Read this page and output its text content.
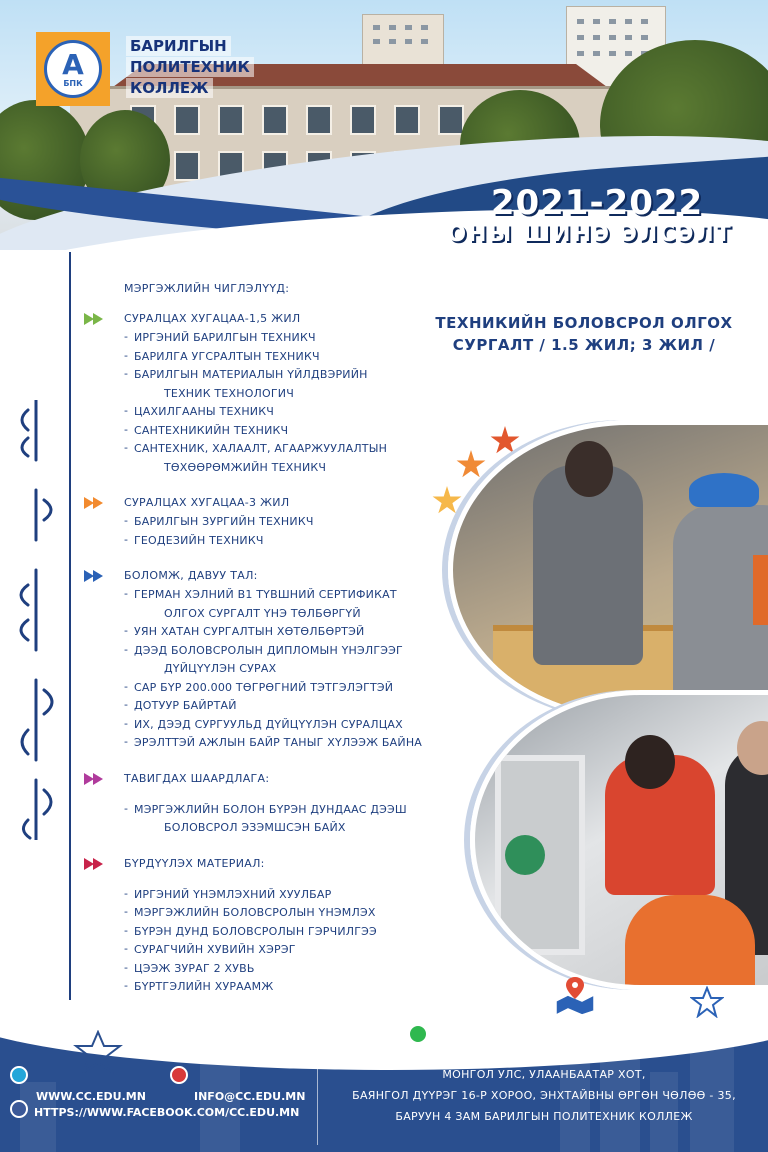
A
БПК
БАРИЛГЫН
ПОЛИТЕХНИК
КОЛЛЕЖ
2021-2022
ОНЫ ШИНЭ ЭЛСЭЛТ
МЭРГЭЖЛИЙН ЧИГЛЭЛҮҮД:
СУРАЛЦАХ ХУГАЦАА-1,5 ЖИЛ
- ИРГЭНИЙ БАРИЛГЫН ТЕХНИКЧ
- БАРИЛГА УГСРАЛТЫН ТЕХНИКЧ
- БАРИЛГЫН МАТЕРИАЛЫН ҮЙЛДВЭРИЙН
ТЕХНИК ТЕХНОЛОГИЧ
- ЦАХИЛГААНЫ ТЕХНИКЧ
- САНТЕХНИКИЙН ТЕХНИКЧ
- САНТЕХНИК, ХАЛААЛТ, АГААРЖУУЛАЛТЫН
ТӨХӨӨРӨМЖИЙН ТЕХНИКЧ
СУРАЛЦАХ ХУГАЦАА-3 ЖИЛ
- БАРИЛГЫН ЗУРГИЙН ТЕХНИКЧ
- ГЕОДЕЗИЙН ТЕХНИКЧ
БОЛОМЖ, ДАВУУ ТАЛ:
- ГЕРМАН ХЭЛНИЙ B1 ТҮВШНИЙ СЕРТИФИКАТ
ОЛГОХ СУРГАЛТ ҮНЭ ТӨЛБӨРГҮЙ
- УЯН ХАТАН СУРГАЛТЫН ХӨТӨЛБӨРТЭЙ
- ДЭЭД БОЛОВСРОЛЫН ДИПЛОМЫН ҮНЭЛГЭЭГ
ДҮЙЦҮҮЛЭН СУРАХ
- САР БҮР 200.000 ТӨГРӨГНИЙ ТЭТГЭЛЭГТЭЙ
- ДОТУУР БАЙРТАЙ
- ИХ, ДЭЭД СУРГУУЛЬД ДҮЙЦҮҮЛЭН СУРАЛЦАХ
- ЭРЭЛТТЭЙ АЖЛЫН БАЙР ТАНЫГ ХҮЛЭЭЖ БАЙНА
ТАВИГДАХ ШААРДЛАГА:
- МЭРГЭЖЛИЙН БОЛОН БҮРЭН ДУНДААС ДЭЭШ
БОЛОВСРОЛ ЭЗЭМШСЭН БАЙХ
БҮРДҮҮЛЭХ МАТЕРИАЛ:
- ИРГЭНИЙ ҮНЭМЛЭХНИЙ ХУУЛБАР
- МЭРГЭЖЛИЙН БОЛОВСРОЛЫН ҮНЭМЛЭХ
- БҮРЭН ДУНД БОЛОВСРОЛЫН ГЭРЧИЛГЭЭ
- СУРАГЧИЙН ХУВИЙН ХЭРЭГ
- ЦЭЭЖ ЗУРАГ 2 ХУВЬ
- БҮРТГЭЛИЙН ХУРААМЖ
ТЕХНИКИЙН БОЛОВСРОЛ ОЛГОХ
СУРГАЛТ / 1.5 ЖИЛ; 3 ЖИЛ /
70001071: 70001072
МОНГОЛ УЛС, УЛААНБААТАР ХОТ,
БАЯНГОЛ ДҮҮРЭГ 16-Р ХОРОО, ЭНХТАЙВНЫ ӨРГӨН ЧӨЛӨӨ - 35,
БАРУУН 4 ЗАМ БАРИЛГЫН ПОЛИТЕХНИК КОЛЛЕЖ
WWW.CC.EDU.MN	INFO@CC.EDU.MN
HTTPS://WWW.FACEBOOK.COM/CC.EDU.MN
